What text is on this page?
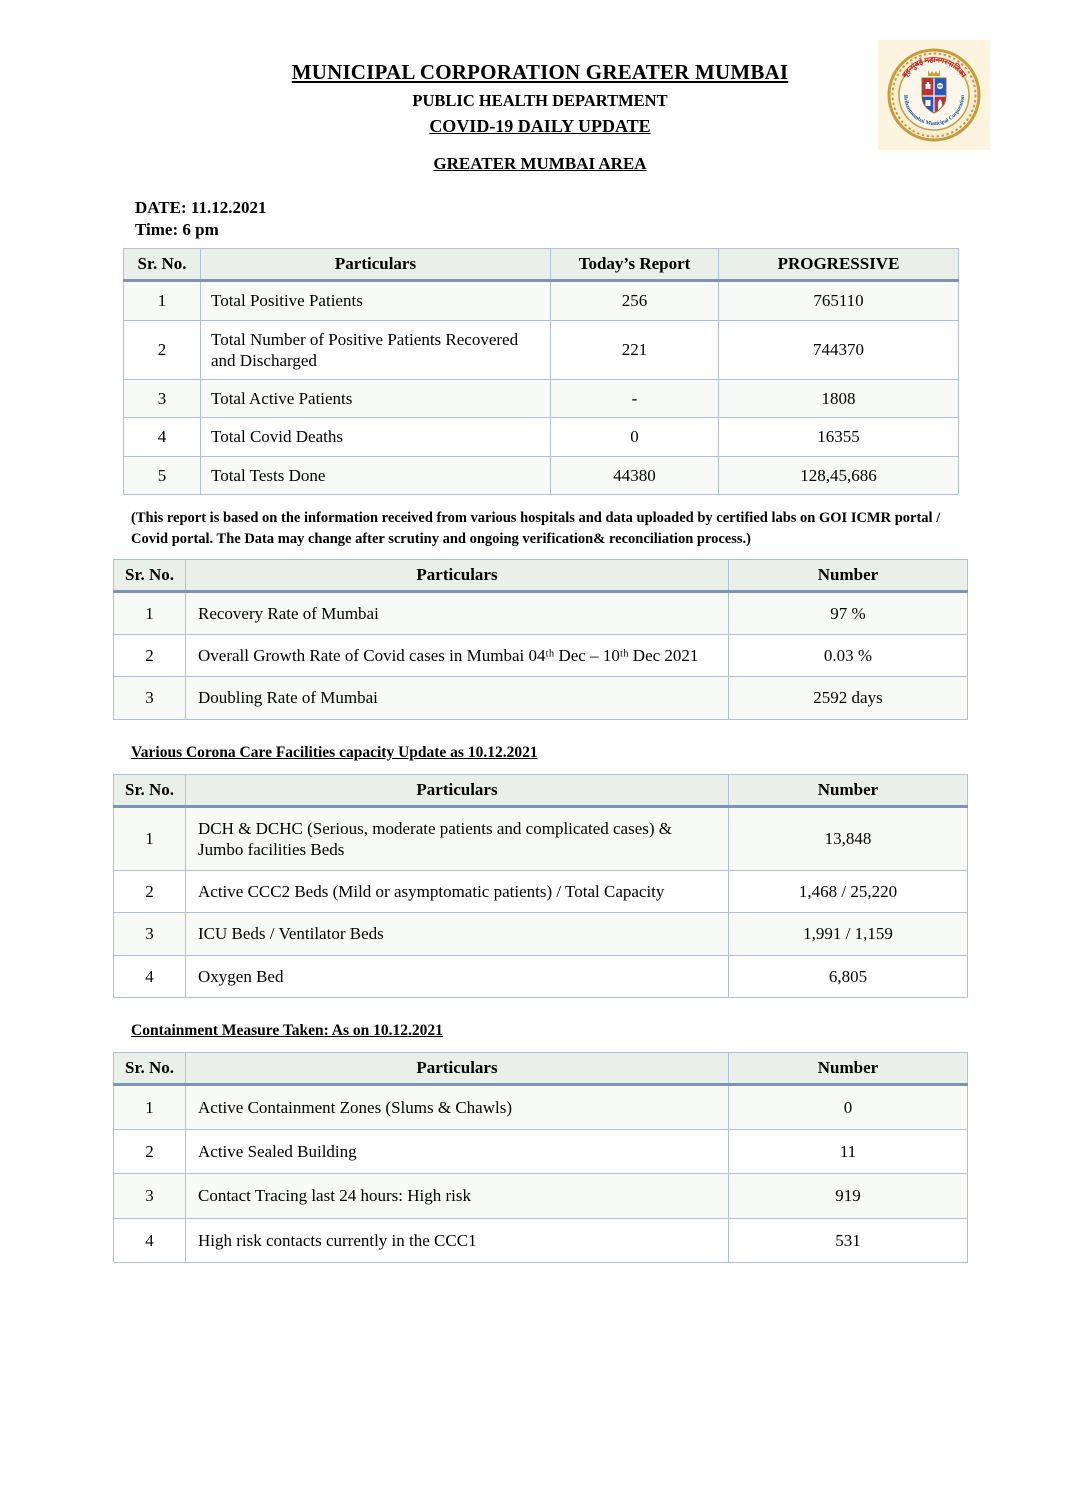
बृहन्मुंबई महानगरपालिका
Brihanmumbai Municipal Corporation
MUNICIPAL CORPORATION GREATER MUMBAI
PUBLIC HEALTH DEPARTMENT
COVID-19 DAILY UPDATE
GREATER MUMBAI AREA
DATE: 11.12.2021
Time: 6 pm
Sr. No.	Particulars	Today’s Report	PROGRESSIVE
1	Total Positive Patients	256	765110
2	Total Number of Positive Patients Recovered and Discharged	221	744370
3	Total Active Patients	-	1808
4	Total Covid Deaths	0	16355
5	Total Tests Done	44380	128,45,686

(This report is based on the information received from various hospitals and data uploaded by certified labs on GOI ICMR portal / Covid portal. The Data may change after scrutiny and ongoing verification& reconciliation process.)

Sr. No.	Particulars	Number
1	Recovery Rate of Mumbai	97 %
2	Overall Growth Rate of Covid cases in Mumbai 04ᵗʰ Dec – 10ᵗʰ Dec 2021	0.03 %
3	Doubling Rate of Mumbai	2592 days
Various Corona Care Facilities capacity Update as 10.12.2021
Sr. No.	Particulars	Number
1	DCH & DCHC (Serious, moderate patients and complicated cases) & Jumbo facilities Beds	13,848
2	Active CCC2 Beds (Mild or asymptomatic patients) / Total Capacity	1,468 / 25,220
3	ICU Beds / Ventilator Beds	1,991 / 1,159
4	Oxygen Bed	6,805
Containment Measure Taken: As on 10.12.2021
Sr. No.	Particulars	Number
1	Active Containment Zones (Slums & Chawls)	0
2	Active Sealed Building	11
3	Contact Tracing last 24 hours: High risk	919
4	High risk contacts currently in the CCC1	531
